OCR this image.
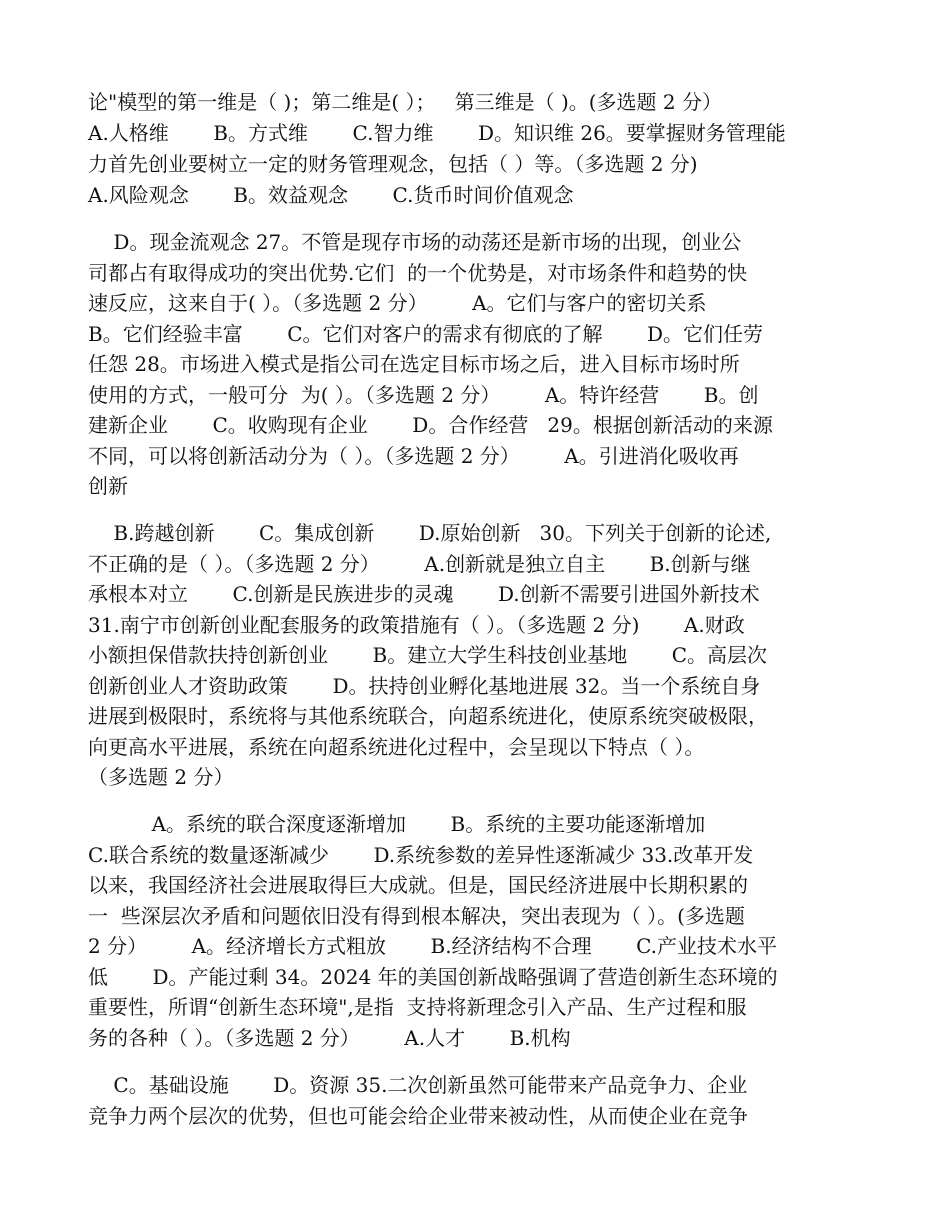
论"模型的第一维是（ )；第二维是( ）；   第三维是（ )。(多选题 2 分）
A.人格维       B。方式维       C.智力维       D。知识维 26。要掌握财务管理能
力首先创业要树立一定的财务管理观念，包括（ ）等。（多选题 2 分)
A.风险观念       B。效益观念       C.货币时间价值观念
D。现金流观念 27。不管是现存市场的动荡还是新市场的出现，创业公
司都占有取得成功的突出优势.它们  的一个优势是，对市场条件和趋势的快
速反应，这来自于( ）。（多选题 2 分）       A。它们与客户的密切关系
B。它们经验丰富       C。它们对客户的需求有彻底的了解       D。它们任劳
任怨 28。市场进入模式是指公司在选定目标市场之后，进入目标市场时所
使用的方式，一般可分  为( ）。（多选题 2 分）       A。特许经营       B。创
建新企业       C。收购现有企业       D。合作经营   29。根据创新活动的来源
不同，可以将创新活动分为（ ）。（多选题 2 分）       A。引进消化吸收再
创新
B.跨越创新       C。集成创新       D.原始创新   30。下列关于创新的论述,
不正确的是（ ）。（多选题 2 分）       A.创新就是独立自主       B.创新与继
承根本对立       C.创新是民族进步的灵魂       D.创新不需要引进国外新技术
31.南宁市创新创业配套服务的政策措施有（ ）。（多选题 2 分)       A.财政
小额担保借款扶持创新创业       B。建立大学生科技创业基地       C。高层次
创新创业人才资助政策       D。扶持创业孵化基地进展 32。当一个系统自身
进展到极限时，系统将与其他系统联合，向超系统进化，使原系统突破极限，
向更高水平进展，系统在向超系统进化过程中，会呈现以下特点（ ）。
（多选题 2 分）
A。系统的联合深度逐渐增加       B。系统的主要功能逐渐增加
C.联合系统的数量逐渐减少       D.系统参数的差异性逐渐减少 33.改革开发
以来，我国经济社会进展取得巨大成就。但是，国民经济进展中长期积累的
一  些深层次矛盾和问题依旧没有得到根本解决，突出表现为（ ）。(多选题
2 分）       A。经济增长方式粗放       B.经济结构不合理       C.产业技术水平
低       D。产能过剩 34。2024 年的美国创新战略强调了营造创新生态环境的
重要性，所谓“创新生态环境",是指  支持将新理念引入产品、生产过程和服
务的各种（ ）。（多选题 2 分）       A.人才       B.机构
C。基础设施       D。资源 35.二次创新虽然可能带来产品竞争力、企业
竞争力两个层次的优势，但也可能会给企业带来被动性，从而使企业在竞争
